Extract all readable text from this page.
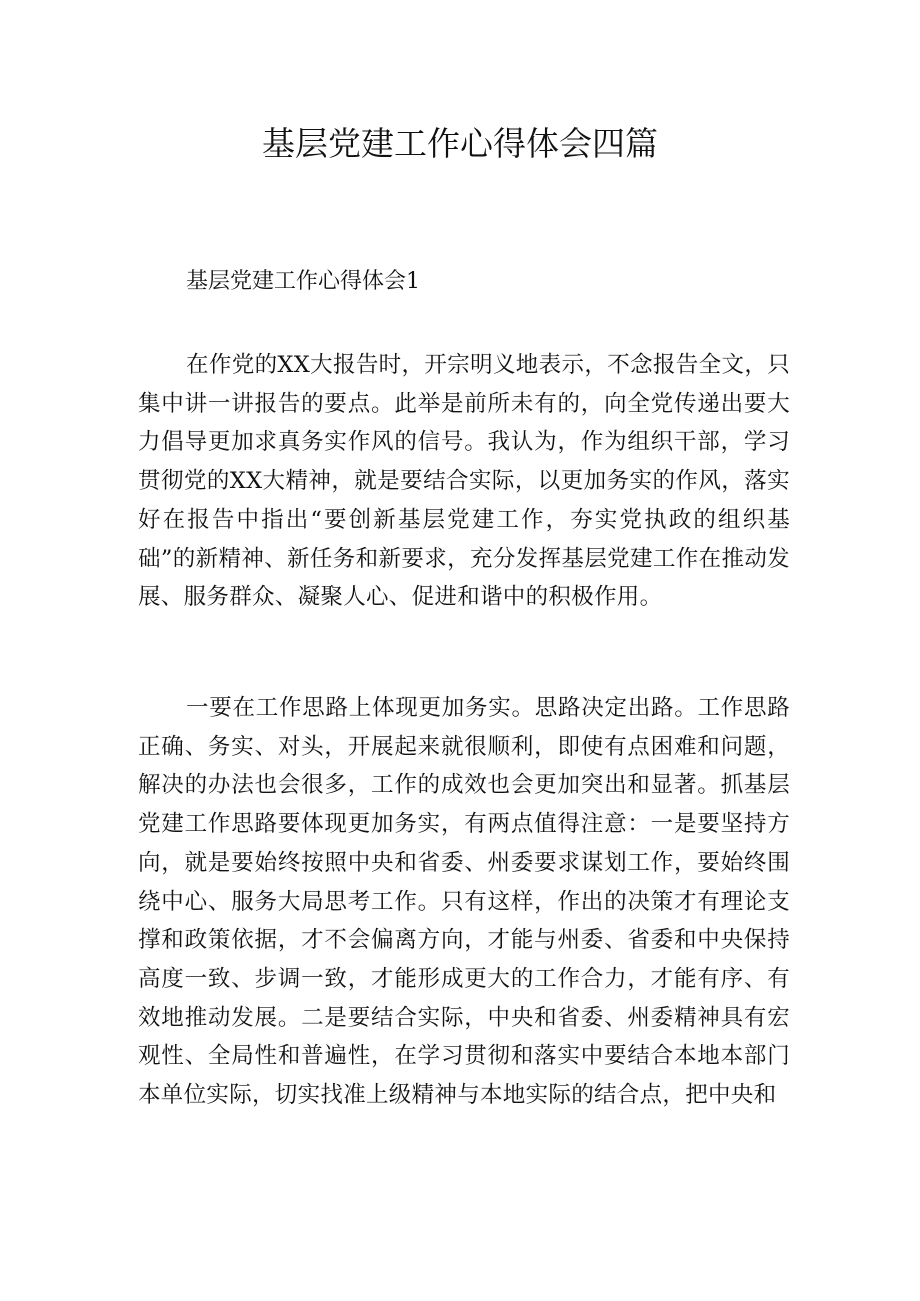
基层党建工作心得体会四篇

基层党建工作心得体会1

在作党的XX大报告时，开宗明义地表示，不念报告全文，只集中讲一讲报告的要点。此举是前所未有的，向全党传递出要大力倡导更加求真务实作风的信号。我认为，作为组织干部，学习贯彻党的XX大精神，就是要结合实际，以更加务实的作风，落实好在报告中指出“要创新基层党建工作，夯实党执政的组织基础”的新精神、新任务和新要求，充分发挥基层党建工作在推动发展、服务群众、凝聚人心、促进和谐中的积极作用。

一要在工作思路上体现更加务实。思路决定出路。工作思路正确、务实、对头，开展起来就很顺利，即使有点困难和问题，解决的办法也会很多，工作的成效也会更加突出和显著。抓基层党建工作思路要体现更加务实，有两点值得注意：一是要坚持方向，就是要始终按照中央和省委、州委要求谋划工作，要始终围绕中心、服务大局思考工作。只有这样，作出的决策才有理论支撑和政策依据，才不会偏离方向，才能与州委、省委和中央保持高度一致、步调一致，才能形成更大的工作合力，才能有序、有效地推动发展。二是要结合实际，中央和省委、州委精神具有宏观性、全局性和普遍性，在学习贯彻和落实中要结合本地本部门本单位实际，切实找准上级精神与本地实际的结合点，把中央和
